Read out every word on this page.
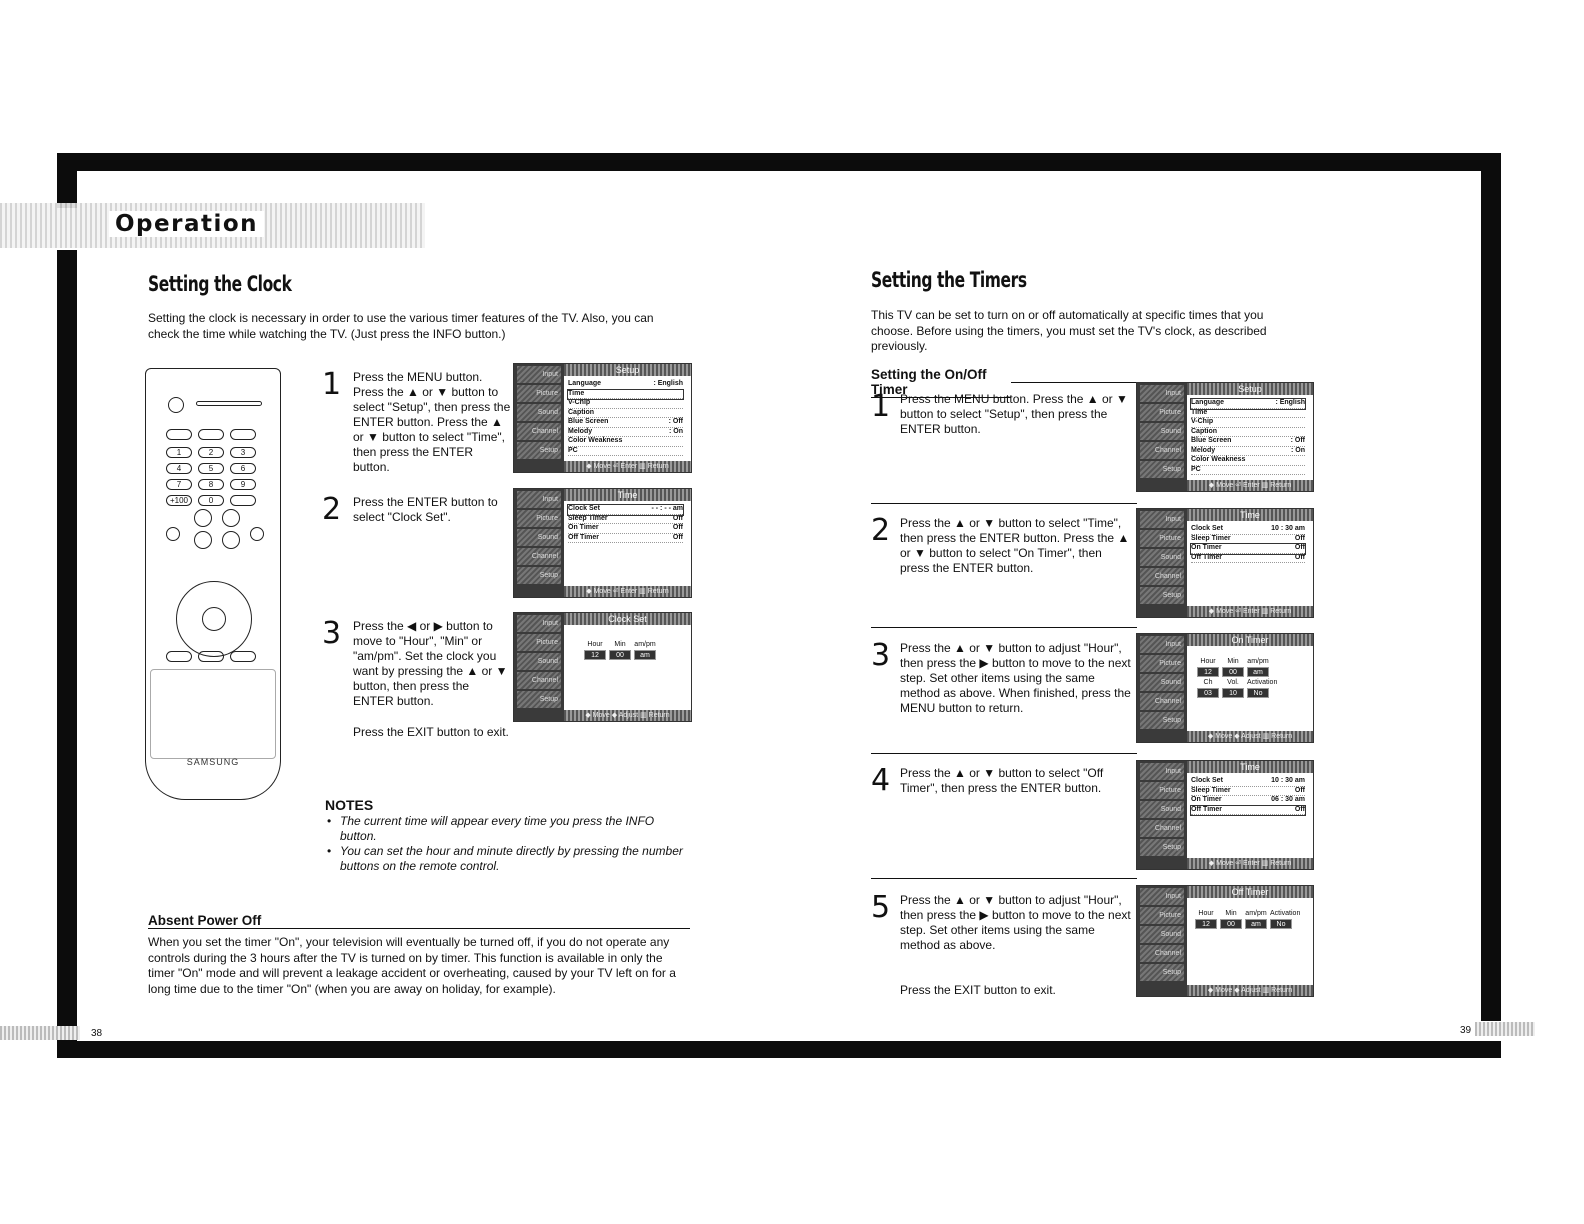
Operation
Setting the Clock
Setting the clock is necessary in order to use the various timer features of the TV. Also, you can check the time while watching the TV. (Just press the INFO button.)
1	2	3
4	5	6
7	8	9
+100	0
SAMSUNG
1 Press the MENU button. Press the ▲ or ▼ button to select "Setup", then press the ENTER button. Press the ▲ or ▼ button to select "Time", then press the ENTER button.
2 Press the ENTER button to select "Clock Set".
3 Press the ◀ or ▶ button to move to "Hour", "Min" or "am/pm". Set the clock you want by pressing the ▲ or ▼ button, then press the ENTER button.
Press the EXIT button to exit.
Input
Picture
Sound
Channel
Setup
Setup
Language	: English
Time
V-Chip
Caption
Blue Screen	: Off
Melody	: On
Color Weakness
PC
◆ Move ⏎ Enter ▥ Return
Input
Picture
Sound
Channel
Setup
Time
Clock Set	- - : - - am
Sleep Timer	Off
On Timer	Off
Off Timer	Off
◆ Move ⏎ Enter ▥ Return
Input
Picture
Sound
Channel
Setup
Clock Set
Hour	Min	am/pm
12	00	am
◆ Move ◆ Adjust ▥ Return
NOTES
• The current time will appear every time you press the INFO button.
• You can set the hour and minute directly by pressing the number buttons on the remote control.
Absent Power Off
When you set the timer "On", your television will eventually be turned off, if you do not operate any controls during the 3 hours after the TV is turned on by timer. This function is available in only the timer "On" mode and will prevent a leakage accident or overheating, caused by your TV left on for a long time due to the timer "On" (when you are away on holiday, for example).
38
Setting the Timers
This TV can be set to turn on or off automatically at specific times that you choose. Before using the timers, you must set the TV's clock, as described previously.
Setting the On/Off Timer
1 Press the MENU button. Press the ▲ or ▼ button to select "Setup", then press the ENTER button.
2 Press the ▲ or ▼ button to select "Time", then press the ENTER button. Press the ▲ or ▼ button to select "On Timer", then press the ENTER button.
3 Press the ▲ or ▼ button to adjust "Hour", then press the ▶ button to move to the next step. Set other items using the same method as above. When finished, press the MENU button to return.
4 Press the ▲ or ▼ button to select "Off Timer", then press the ENTER button.
5 Press the ▲ or ▼ button to adjust "Hour", then press the ▶ button to move to the next step. Set other items using the same method as above.
Press the EXIT button to exit.
Input
Picture
Sound
Channel
Setup
Setup
Language	: English
Time
V-Chip
Caption
Blue Screen	: Off
Melody	: On
Color Weakness
PC
◆ Move ⏎ Enter ▥ Return
Input
Picture
Sound
Channel
Setup
Time
Clock Set	10 : 30 am
Sleep Timer	Off
On Timer	Off
Off Timer	Off
◆ Move ⏎ Enter ▥ Return
Input
Picture
Sound
Channel
Setup
On Timer
Hour	Min	am/pm
12	00	am
Ch	Vol.	Activation
03	10	No
◆ Move ◆ Adjust ▥ Return
Input
Picture
Sound
Channel
Setup
Time
Clock Set	10 : 30 am
Sleep Timer	Off
On Timer	06 : 30 am
Off Timer	Off
◆ Move ⏎ Enter ▥ Return
Input
Picture
Sound
Channel
Setup
Off Timer
Hour	Min	am/pm Activation
12	00	am	No
◆ Move ◆ Adjust ▥ Return
39
